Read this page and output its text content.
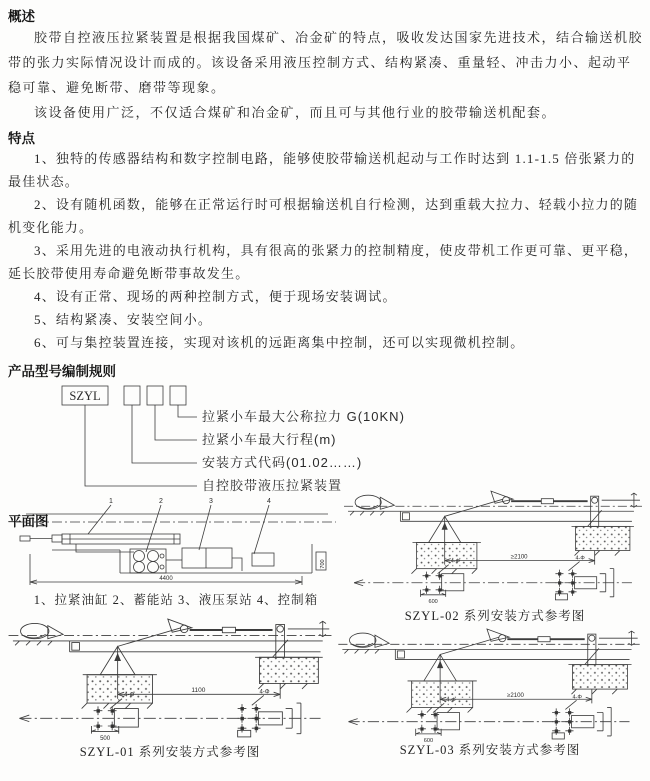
概述

胶带自控液压拉紧装置是根据我国煤矿、冶金矿的特点，吸收发达国家先进技术，结合输送机胶带的张力实际情况设计而成的。该设备采用液压控制方式、结构紧凑、重量轻、冲击力小、起动平稳可靠、避免断带、磨带等现象。

该设备使用广泛，不仅适合煤矿和冶金矿，而且可与其他行业的胶带输送机配套。

特点

1、独特的传感器结构和数字控制电路，能够使胶带输送机起动与工作时达到 1.1-1.5 倍张紧力的最佳状态。

2、设有随机函数，能够在正常运行时可根据输送机自行检测，达到重载大拉力、轻载小拉力的随机变化能力。

3、采用先进的电液动执行机构，具有很高的张紧力的控制精度，使皮带机工作更可靠、更平稳，延长胶带使用寿命避免断带事故发生。

4、设有正常、现场的两种控制方式，便于现场安装调试。

5、结构紧凑、安装空间小。

6、可与集控装置连接，实现对该机的远距离集中控制，还可以实现微机控制。

产品型号编制规则
SZYL
拉紧小车最大公称拉力 G(10KN)
拉紧小车最大行程(m)
安装方式代码(01.02……)
自控胶带液压拉紧装置
平面图
1	2	3	4
4400
700
1、拉紧油缸 2、蓄能站 3、液压泵站 4、控制箱
≥2100
4-Φ
4-Φ
600
SZYL-02 系列安装方式参考图
1100
4-Φ
4-Φ
500
SZYL-01 系列安装方式参考图
≥2100
4-Φ
4-Φ
600
SZYL-03 系列安装方式参考图
